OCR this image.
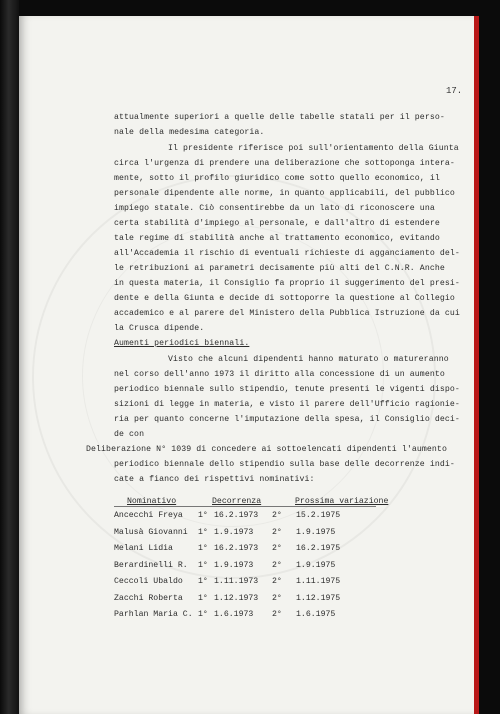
17.
attualmente superiori a quelle delle tabelle statali per il perso-
nale della medesima categoria.
Il presidente riferisce poi sull'orientamento della Giunta
circa l'urgenza di prendere una deliberazione che sottoponga intera-
mente, sotto il profilo giuridico come sotto quello economico, il
personale dipendente alle norme, in quanto applicabili, del pubblico
impiego statale. Ciò consentirebbe da un lato di riconoscere una
certa stabilità d'impiego al personale, e dall'altro di estendere
tale regime di stabilità anche al trattamento economico, evitando
all'Accademia il rischio di eventuali richieste di agganciamento del-
le retribuzioni ai parametri decisamente più alti del C.N.R. Anche
in questa materia, il Consiglio fa proprio il suggerimento del presi-
dente e della Giunta e decide di sottoporre la questione al Collegio
accademico e al parere del Ministero della Pubblica Istruzione da cui
la Crusca dipende.
Aumenti periodici biennali.
Visto che alcuni dipendenti hanno maturato o matureranno
nel corso dell'anno 1973 il diritto alla concessione di un aumento
periodico biennale sullo stipendio, tenute presenti le vigenti dispo-
sizioni di legge in materia, e visto il parere dell'Ufficio ragionie-
ria per quanto concerne l'imputazione della spesa, il Consiglio deci-
de con
Deliberazione N° 1039 di concedere ai sottoelencati dipendenti l'aumento
periodico biennale dello stipendio sulla base delle decorrenze indi-
cate a fianco dei rispettivi nominativi:
Nominativo	Decorrenza	Prossima variazione
Ancecchi Freya 1° 16.2.1973 2° 15.2.1975
Malusà Giovanni 1° 1.9.1973 2° 1.9.1975
Melani Lidia	1° 16.2.1973 2° 16.2.1975
Berardinelli R. 1° 1.9.1973 2° 1.9.1975
Ceccoli Ubaldo 1° 1.11.1973 2° 1.11.1975
Zacchi Roberta 1° 1.12.1973 2° 1.12.1975
Parhlan Maria C. 1° 1.6.1973 2° 1.6.1975
